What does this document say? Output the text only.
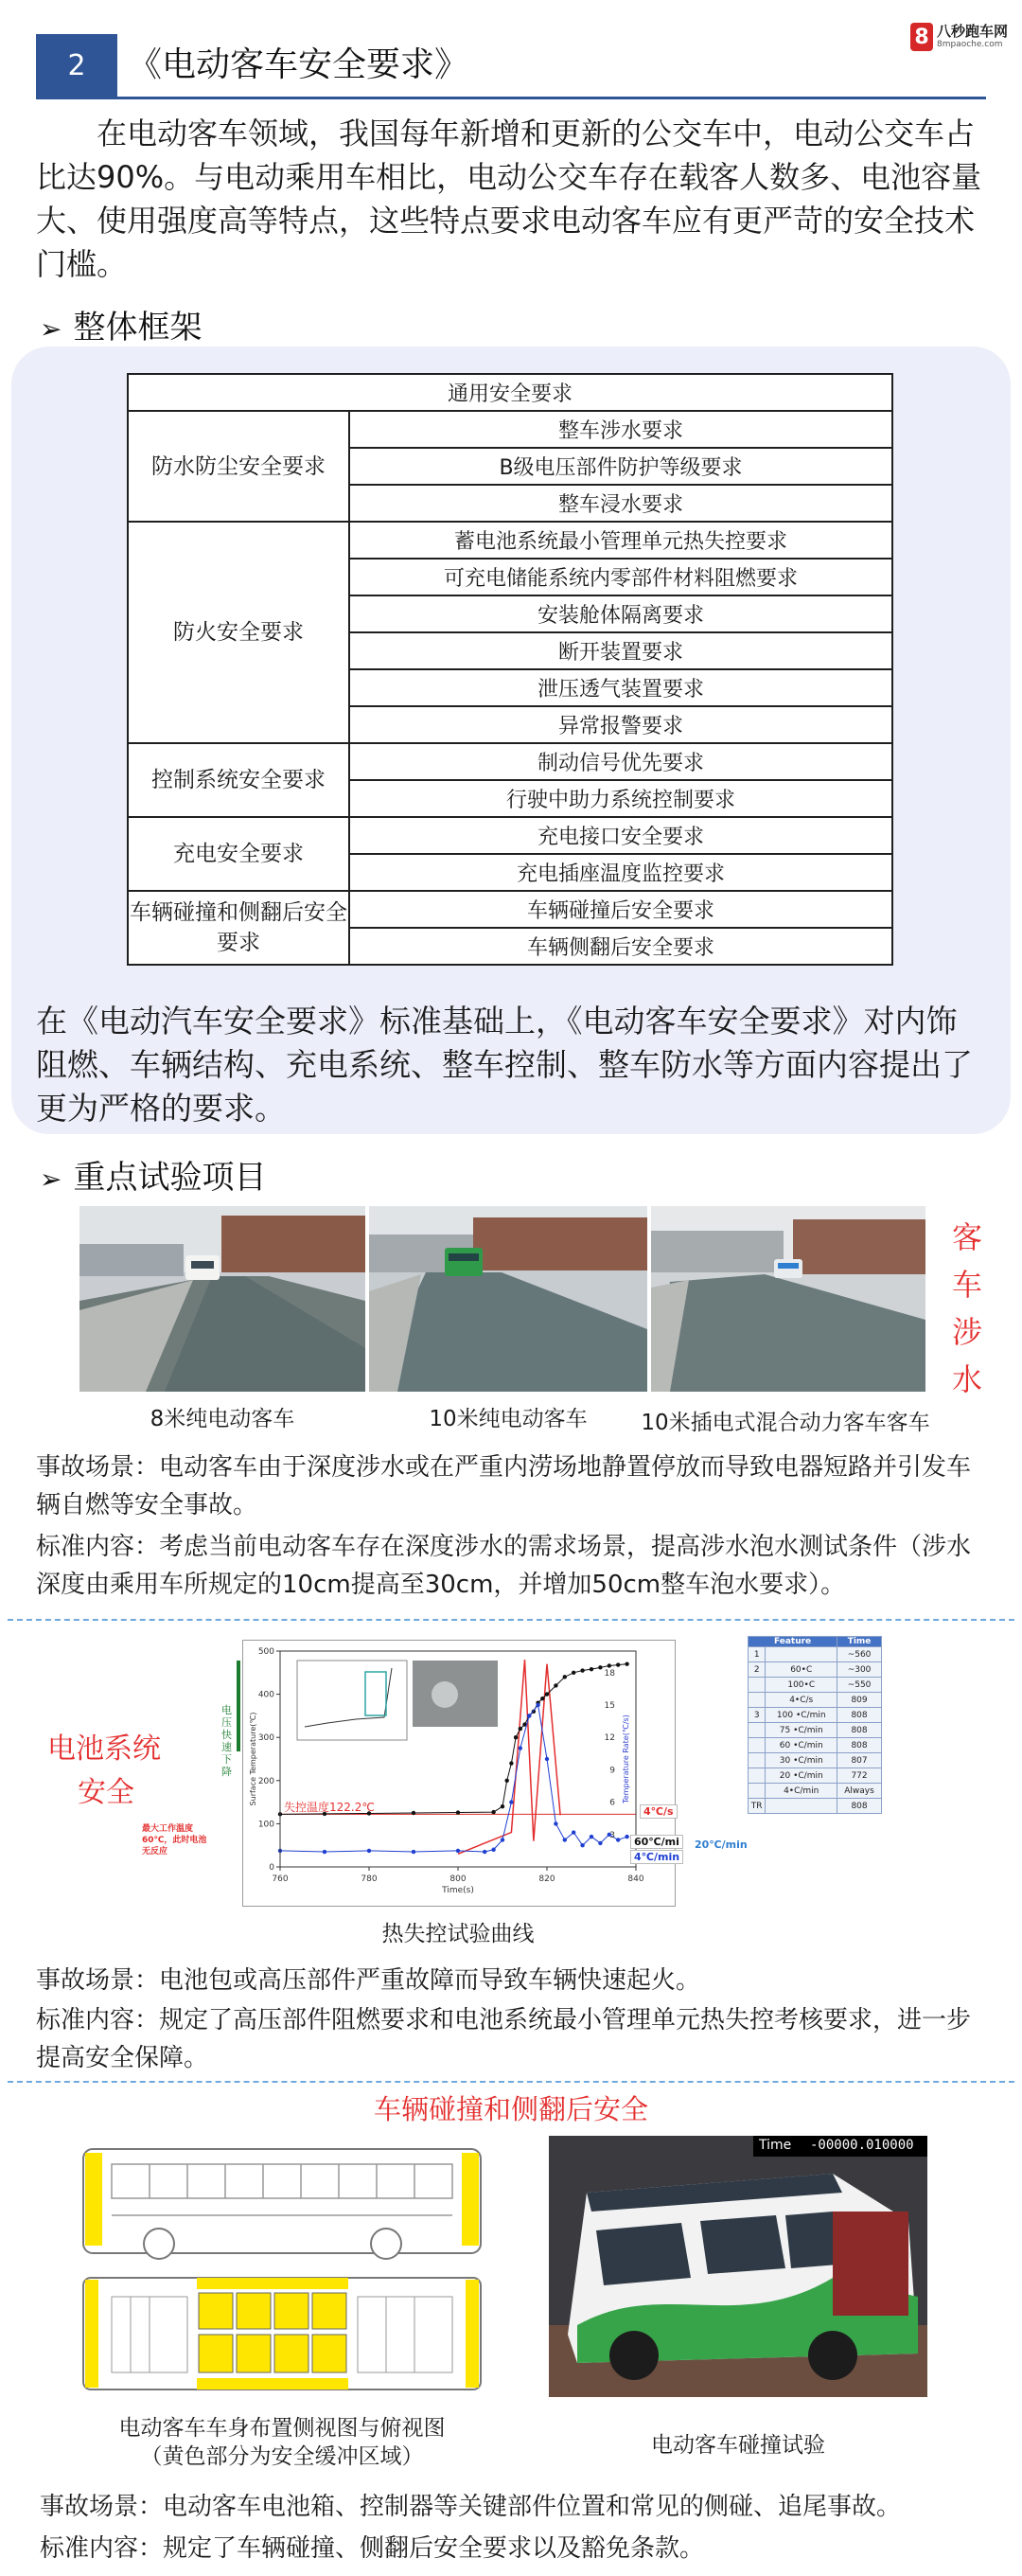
2	《电动客车安全要求》
8 八秒跑车网
8mpaoche.com
在电动客车领域，我国每年新增和更新的公交车中，电动公交车占比达90%。与电动乘用车相比，电动公交车存在载客人数多、电池容量大、使用强度高等特点，这些特点要求电动客车应有更严苛的安全技术门槛。
➢ 整体框架
通用安全要求	
防水防尘安全要求	整车涉水要求
	B级电压部件防护等级要求
	整车浸水要求
防火安全要求	蓄电池系统最小管理单元热失控要求
	可充电储能系统内零部件材料阻燃要求
	安装舱体隔离要求
	断开装置要求
	泄压透气装置要求
	异常报警要求
控制系统安全要求	制动信号优先要求
	行驶中助力系统控制要求
充电安全要求	充电接口安全要求
	充电插座温度监控要求
车辆碰撞和侧翻后安全要求	车辆碰撞后安全要求
	车辆侧翻后安全要求
在《电动汽车安全要求》标准基础上，《电动客车安全要求》对内饰阻燃、车辆结构、充电系统、整车控制、整车防水等方面内容提出了更为严格的要求。
➢ 重点试验项目
客
车
涉
水
8米纯电动客车	10米纯电动客车	10米插电式混合动力客车客车
事故场景：电动客车由于深度涉水或在严重内涝场地静置停放而导致电器短路并引发车辆自燃等安全事故。
标准内容：考虑当前电动客车存在深度涉水的需求场景，提高涉水泡水测试条件（涉水深度由乘用车所规定的10cm提高至30cm，并增加50cm整车泡水要求）。
电池系统
安全
760	780	800	820	840
0
100
200
300
400
500
3
6
9
12
15
18
Time(s)
Surface Temperature(℃)	Temperature Rate(℃/s)
电压快速下降
失控温度122.2℃
最大工作温度
60℃，此时电池
无反应
4℃/s
60℃/mi
4℃/min
20℃/min
Feature		Time
1		~560
2	60•C	~300
	100•C	~550
	4•C/s	809
3	100 •C/min	808
	75 •C/min	808
	60 •C/min	808
	30 •C/min	807
	20 •C/min	772
	4•C/min	Always
TR		808
热失控试验曲线
事故场景：电池包或高压部件严重故障而导致车辆快速起火。
标准内容：规定了高压部件阻燃要求和电池系统最小管理单元热失控考核要求，进一步提高安全保障。
车辆碰撞和侧翻后安全
Time -00000.010000
电动客车车身布置侧视图与俯视图
（黄色部分为安全缓冲区域）	电动客车碰撞试验
事故场景：电动客车电池箱、控制器等关键部件位置和常见的侧碰、追尾事故。
标准内容：规定了车辆碰撞、侧翻后安全要求以及豁免条款。
